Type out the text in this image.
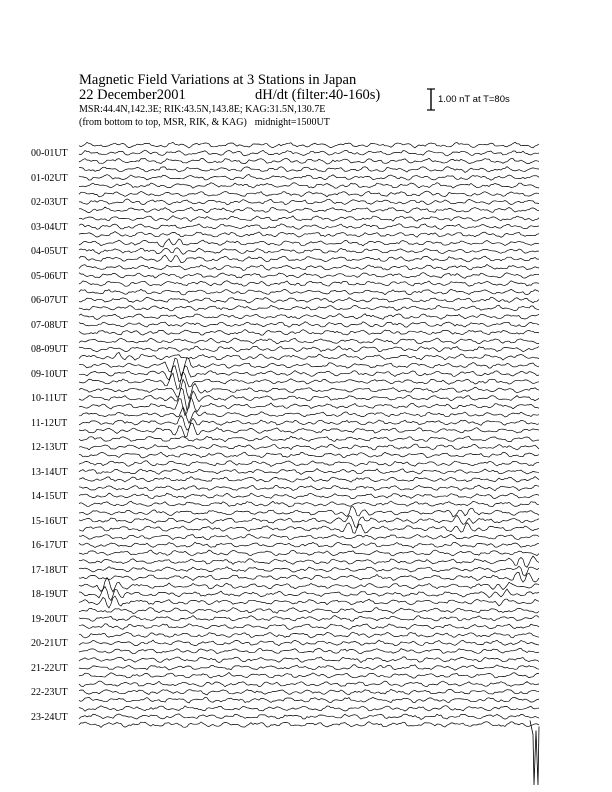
Magnetic Field Variations at 3 Stations in Japan
22 December2001	dH/dt (filter:40-160s)
MSR:44.4N,142.3E; RIK:43.5N,143.8E; KAG:31.5N,130.7E
(from bottom to top, MSR, RIK, & KAG) midnight=1500UT
1.00 nT at T=80s
00-01UT
01-02UT
02-03UT
03-04UT
04-05UT
05-06UT
06-07UT
07-08UT
08-09UT
09-10UT
10-11UT
11-12UT
12-13UT
13-14UT
14-15UT
15-16UT
16-17UT
17-18UT
18-19UT
19-20UT
20-21UT
21-22UT
22-23UT
23-24UT
